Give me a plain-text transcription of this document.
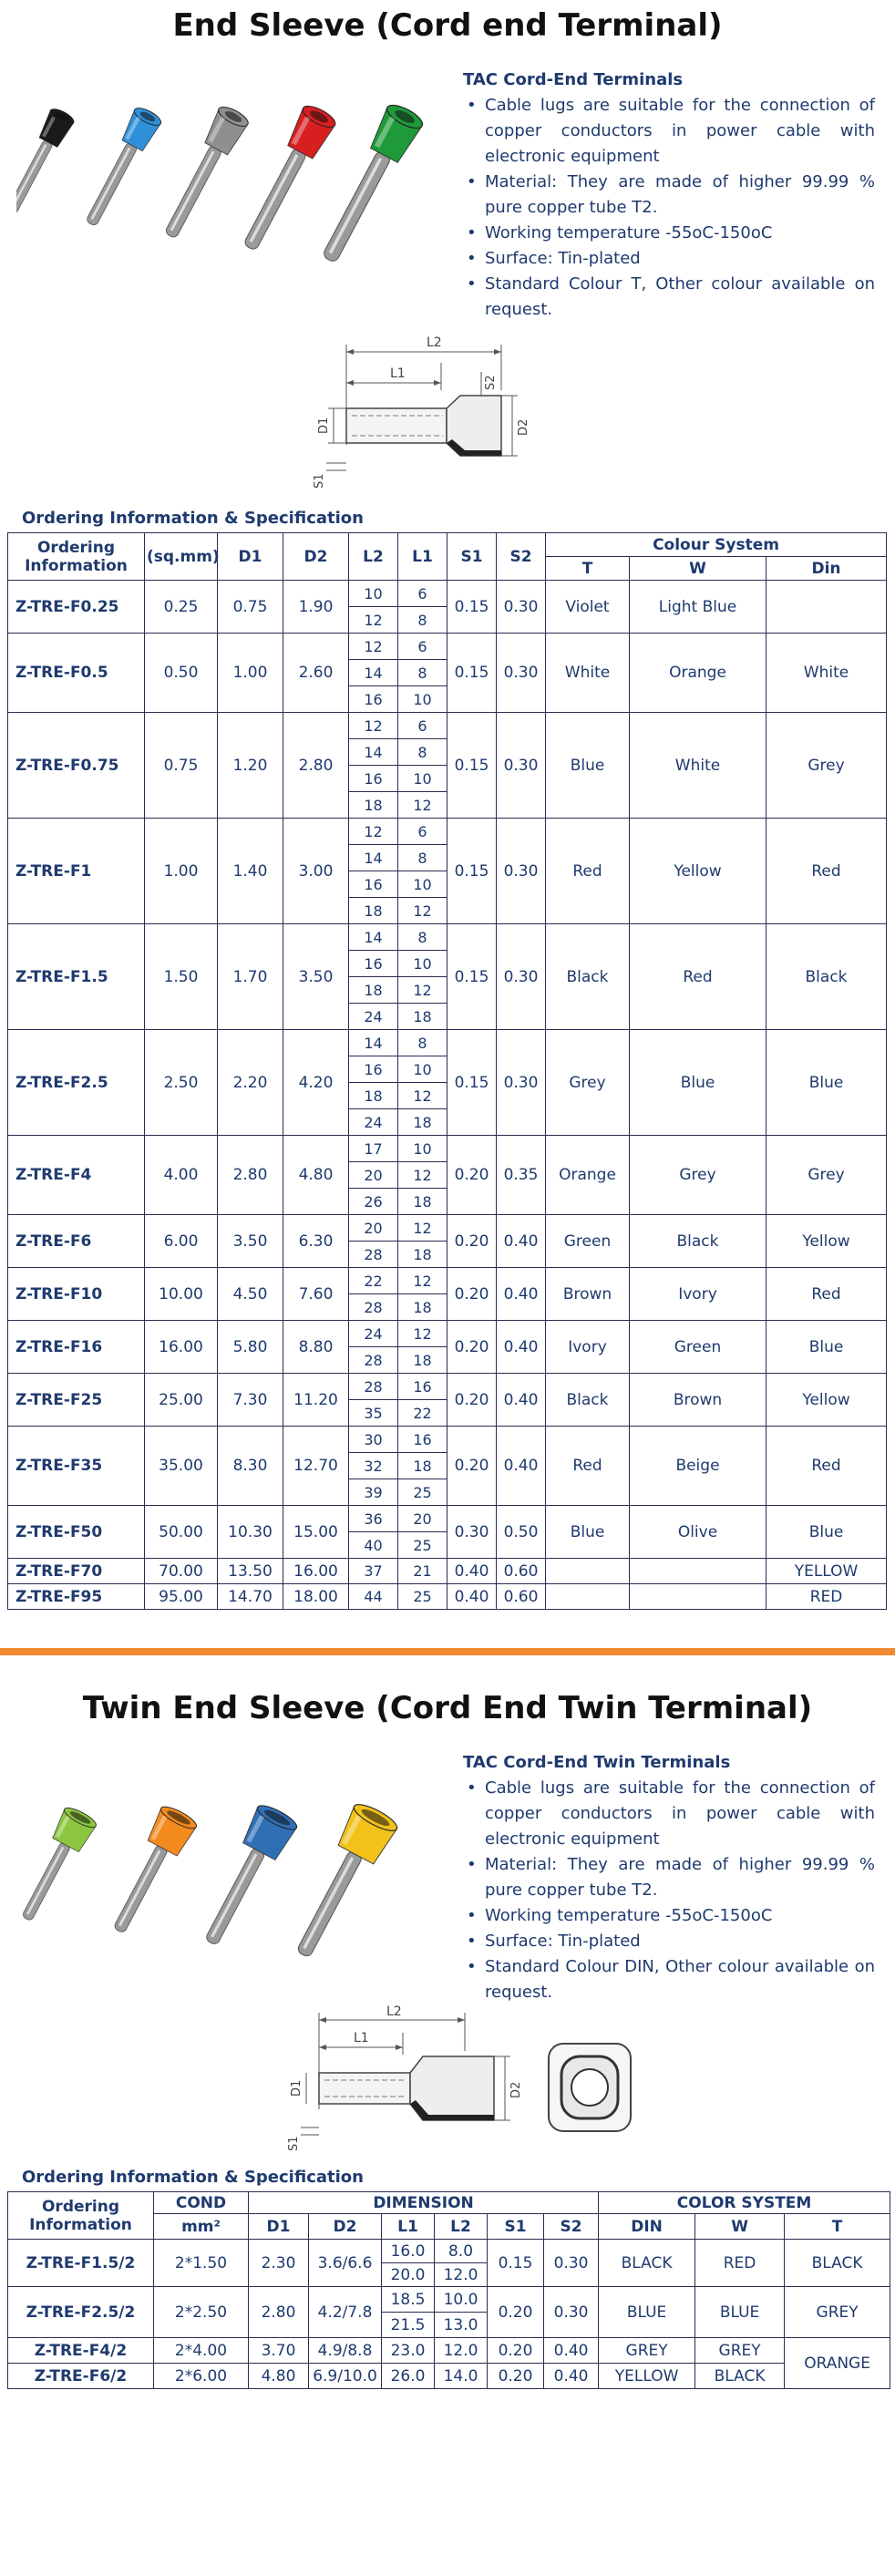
End Sleeve (Cord end Terminal)
TAC Cord-End Terminals
• Cable lugs are suitable for the connection of copper conductors in power cable with electronic equipment
• Material: They are made of higher 99.99 % pure copper tube T2.
• Working temperature -55oC-150oC
• Surface: Tin-plated
• Standard Colour T, Other colour available on request.
L2
L1
S2
D2
D1
S1
Ordering Information & Specification
Ordering Information	(sq.mm)	D1	D2	L2	L1	S1	S2	Colour System		
								T	W	Din
Z-TRE-F0.25	0.25	0.75	1.90	10	6	0.15	0.30	Violet	Light Blue	
				12	8					
Z-TRE-F0.5	0.50	1.00	2.60	12	6	0.15	0.30	White	Orange	White
				14	8					
				16	10					
Z-TRE-F0.75	0.75	1.20	2.80	12	6	0.15	0.30	Blue	White	Grey
				14	8					
				16	10					
				18	12					
Z-TRE-F1	1.00	1.40	3.00	12	6	0.15	0.30	Red	Yellow	Red
				14	8					
				16	10					
				18	12					
Z-TRE-F1.5	1.50	1.70	3.50	14	8	0.15	0.30	Black	Red	Black
				16	10					
				18	12					
				24	18					
Z-TRE-F2.5	2.50	2.20	4.20	14	8	0.15	0.30	Grey	Blue	Blue
				16	10					
				18	12					
				24	18					
Z-TRE-F4	4.00	2.80	4.80	17	10	0.20	0.35	Orange	Grey	Grey
				20	12					
				26	18					
Z-TRE-F6	6.00	3.50	6.30	20	12	0.20	0.40	Green	Black	Yellow
				28	18					
Z-TRE-F10	10.00	4.50	7.60	22	12	0.20	0.40	Brown	Ivory	Red
				28	18					
Z-TRE-F16	16.00	5.80	8.80	24	12	0.20	0.40	Ivory	Green	Blue
				28	18					
Z-TRE-F25	25.00	7.30	11.20	28	16	0.20	0.40	Black	Brown	Yellow
				35	22					
Z-TRE-F35	35.00	8.30	12.70	30	16	0.20	0.40	Red	Beige	Red
				32	18					
				39	25					
Z-TRE-F50	50.00	10.30	15.00	36	20	0.30	0.50	Blue	Olive	Blue
				40	25					
Z-TRE-F70	70.00	13.50	16.00	37	21	0.40	0.60			YELLOW
Z-TRE-F95	95.00	14.70	18.00	44	25	0.40	0.60			RED
Twin End Sleeve (Cord End Twin Terminal)
TAC Cord-End Twin Terminals
• Cable lugs are suitable for the connection of copper conductors in power cable with electronic equipment
• Material: They are made of higher 99.99 % pure copper tube T2.
• Working temperature -55oC-150oC
• Surface: Tin-plated
• Standard Colour DIN, Other colour available on request.
L2
L1
D2
D1
S1
Ordering Information & Specification
Ordering Information	COND	DIMENSION						COLOR SYSTEM		
	mm²	D1	D2	L1	L2	S1	S2	DIN	W	T
Z-TRE-F1.5/2	2*1.50	2.30	3.6/6.6	16.0	8.0	0.15	0.30	BLACK	RED	BLACK
				20.0	12.0					
Z-TRE-F2.5/2	2*2.50	2.80	4.2/7.8	18.5	10.0	0.20	0.30	BLUE	BLUE	GREY
				21.5	13.0					
Z-TRE-F4/2	2*4.00	3.70	4.9/8.8	23.0	12.0	0.20	0.40	GREY	GREY	ORANGE
Z-TRE-F6/2	2*6.00	4.80	6.9/10.0	26.0	14.0	0.20	0.40	YELLOW	BLACK	
